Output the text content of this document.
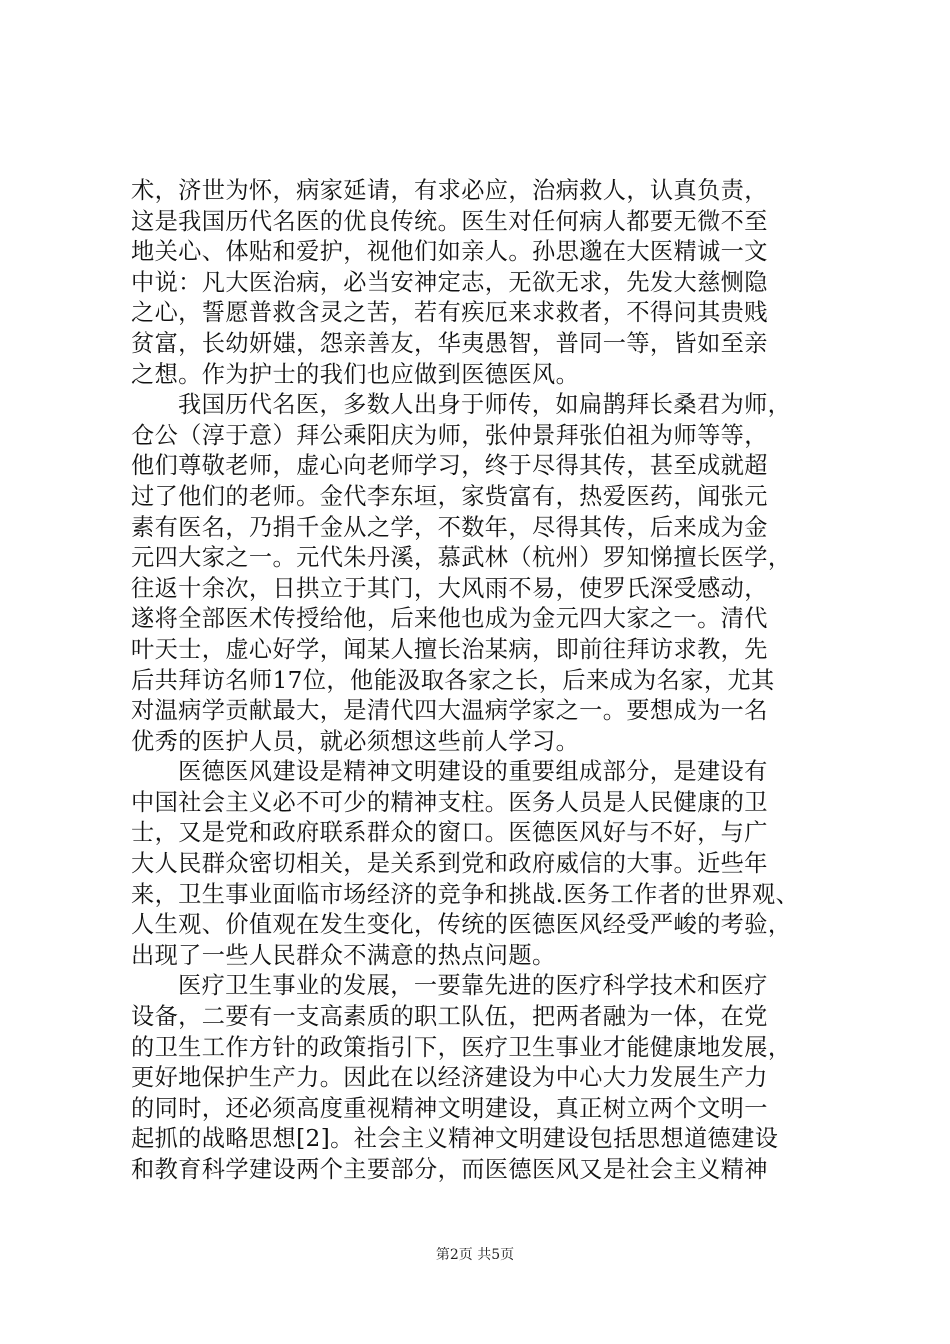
术，济世为怀，病家延请，有求必应，治病救人，认真负责，
这是我国历代名医的优良传统。医生对任何病人都要无微不至
地关心、体贴和爱护，视他们如亲人。孙思邈在大医精诚一文
中说：凡大医治病，必当安神定志，无欲无求，先发大慈恻隐
之心，誓愿普救含灵之苦，若有疾厄来求救者，不得问其贵贱
贫富，长幼妍媸，怨亲善友，华夷愚智，普同一等，皆如至亲
之想。作为护士的我们也应做到医德医风。
我国历代名医，多数人出身于师传，如扁鹊拜长桑君为师，
仓公（淳于意）拜公乘阳庆为师，张仲景拜张伯祖为师等等，
他们尊敬老师，虚心向老师学习，终于尽得其传，甚至成就超
过了他们的老师。金代李东垣，家赀富有，热爱医药，闻张元
素有医名，乃捐千金从之学，不数年，尽得其传，后来成为金
元四大家之一。元代朱丹溪，慕武林（杭州）罗知悌擅长医学，
往返十余次，日拱立于其门，大风雨不易，使罗氏深受感动，
遂将全部医术传授给他，后来他也成为金元四大家之一。清代
叶天士，虚心好学，闻某人擅长治某病，即前往拜访求教，先
后共拜访名师17位，他能汲取各家之长，后来成为名家，尤其
对温病学贡献最大，是清代四大温病学家之一。要想成为一名
优秀的医护人员，就必须想这些前人学习。
医德医风建设是精神文明建设的重要组成部分，是建设有
中国社会主义必不可少的精神支柱。医务人员是人民健康的卫
士，又是党和政府联系群众的窗口。医德医风好与不好，与广
大人民群众密切相关，是关系到党和政府威信的大事。近些年
来，卫生事业面临市场经济的竞争和挑战.医务工作者的世界观、
人生观、价值观在发生变化，传统的医德医风经受严峻的考验，
出现了一些人民群众不满意的热点问题。
医疗卫生事业的发展，一要靠先进的医疗科学技术和医疗
设备，二要有一支高素质的职工队伍，把两者融为一体，在党
的卫生工作方针的政策指引下，医疗卫生事业才能健康地发展，
更好地保护生产力。因此在以经济建设为中心大力发展生产力
的同时，还必须高度重视精神文明建设，真正树立两个文明一
起抓的战略思想[2]。社会主义精神文明建设包括思想道德建设
和教育科学建设两个主要部分，而医德医风又是社会主义精神
第2页 共5页
